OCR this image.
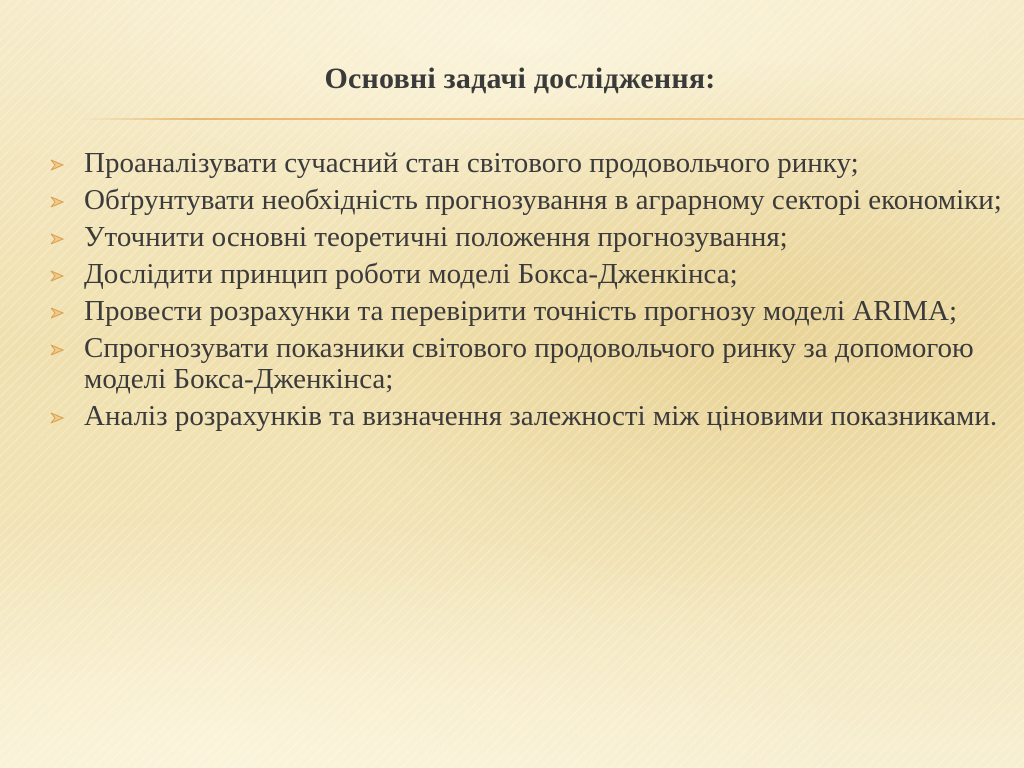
Основні задачі дослідження:
Проаналізувати сучасний стан світового продовольчого ринку;
Обґрунтувати необхідність прогнозування в аграрному секторі економіки;
Уточнити основні теоретичні положення прогнозування;
Дослідити принцип роботи моделі Бокса-Дженкінса;
Провести розрахунки та перевірити точність прогнозу моделі ARIMA;
Спрогнозувати показники світового продовольчого ринку за допомогою моделі Бокса-Дженкінса;
Аналіз розрахунків та визначення залежності між ціновими показниками.
